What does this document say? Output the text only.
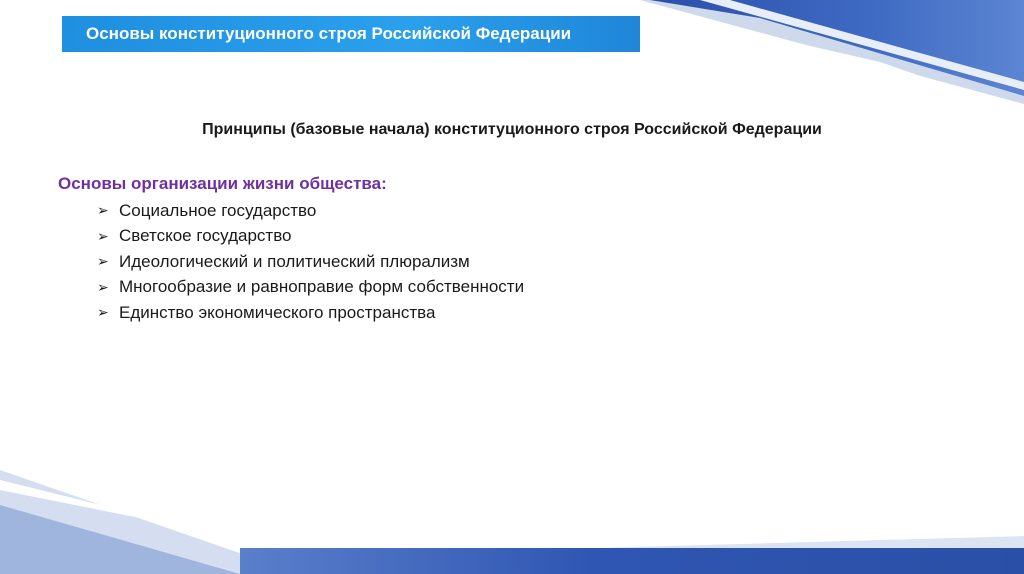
Основы конституционного строя Российской Федерации
Принципы (базовые начала) конституционного строя Российской Федерации
Основы организации жизни общества:
➢ Социальное государство
➢ Светское государство
➢ Идеологический и политический плюрализм
➢ Многообразие и равноправие форм собственности
➢ Единство экономического пространства
